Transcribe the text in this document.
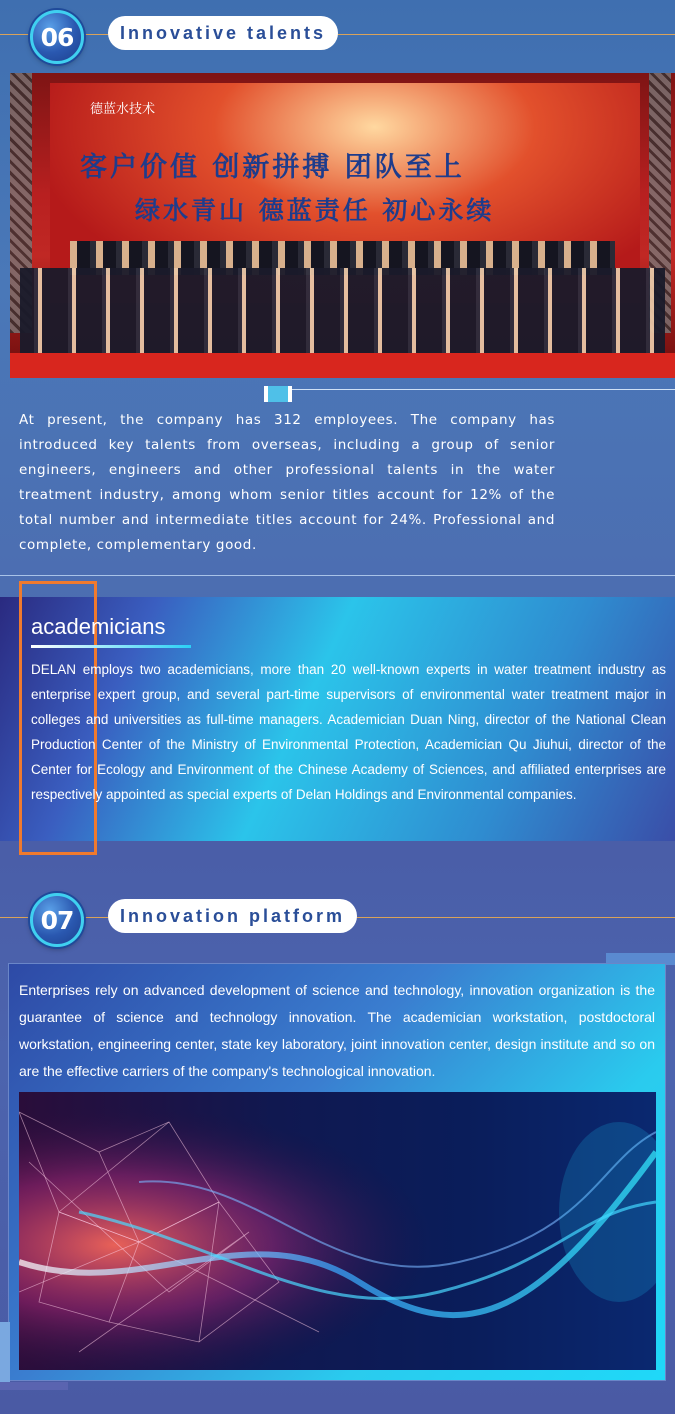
06	Innovative talents
德蓝水技术
客户价值 创新拼搏 团队至上
绿水青山 德蓝责任 初心永续
At present, the company has 312 employees. The company has introduced key talents from overseas, including a group of senior engineers, engineers and other professional talents in the water treatment industry, among whom senior titles account for 12% of the total number and intermediate titles account for 24%. Professional and complete, complementary good.
academicians
DELAN employs two academicians, more than 20 well-known experts in water treatment industry as enterprise expert group, and several part-time supervisors of environmental water treatment major in colleges and universities as full-time managers. Academician Duan Ning, director of the National Clean Production Center of the Ministry of Environmental Protection, Academician Qu Jiuhui, director of the Center for Ecology and Environment of the Chinese Academy of Sciences, and affiliated enterprises are respectively appointed as special experts of Delan Holdings and Environmental companies.
07	Innovation platform
Enterprises rely on advanced development of science and technology, innovation organization is the guarantee of science and technology innovation. The academician workstation, postdoctoral workstation, engineering center, state key laboratory, joint innovation center, design institute and so on are the effective carriers of the company's technological innovation.
